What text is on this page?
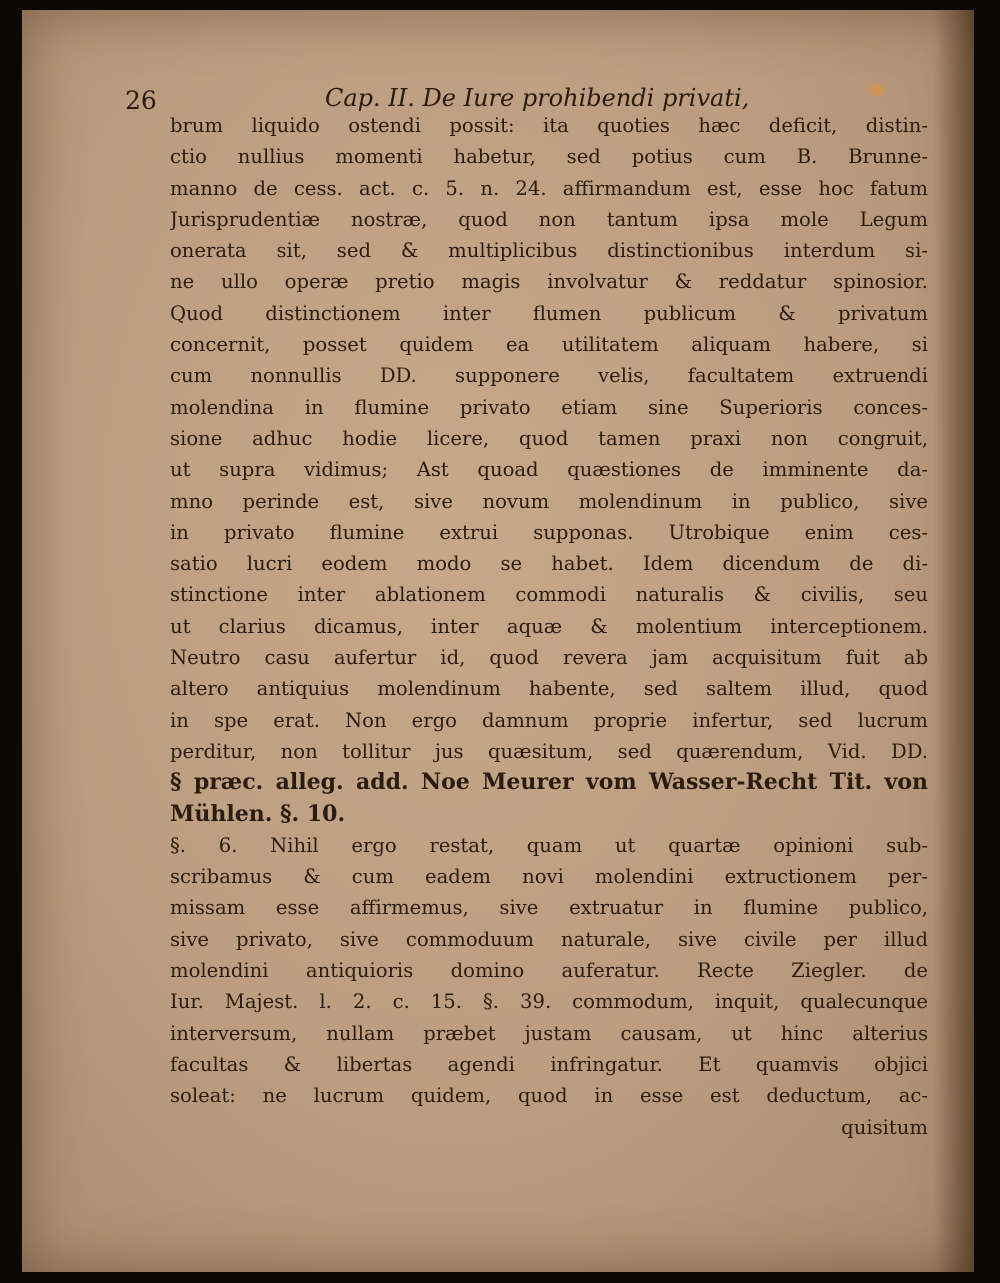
26	Cap. II. De Iure prohibendi privati,
brum liquido ostendi possit: ita quoties hæc deficit, distin-
ctio nullius momenti habetur, sed potius cum B. Brunne-
manno de cess. act. c. 5. n. 24. affirmandum est, esse hoc fatum
Jurisprudentiæ nostræ, quod non tantum ipsa mole Legum
onerata sit, sed & multiplicibus distinctionibus interdum si-
ne ullo operæ pretio magis involvatur & reddatur spinosior.
Quod distinctionem inter flumen publicum & privatum
concernit, posset quidem ea utilitatem aliquam habere, si
cum nonnullis DD. supponere velis, facultatem extruendi
molendina in flumine privato etiam sine Superioris conces-
sione adhuc hodie licere, quod tamen praxi non congruit,
ut supra vidimus; Ast quoad quæstiones de imminente da-
mno perinde est, sive novum molendinum in publico, sive
in privato flumine extrui supponas. Utrobique enim ces-
satio lucri eodem modo se habet. Idem dicendum de di-
stinctione inter ablationem commodi naturalis & civilis, seu
ut clarius dicamus, inter aquæ & molentium interceptionem.
Neutro casu aufertur id, quod revera jam acquisitum fuit ab
altero antiquius molendinum habente, sed saltem illud, quod
in spe erat. Non ergo damnum proprie infertur, sed lucrum
perditur, non tollitur jus quæsitum, sed quærendum, Vid. DD.
§ præc. alleg. add. Noe Meurer vom Wasser-Recht Tit. von
Mühlen. §. 10.
§. 6. Nihil ergo restat, quam ut quartæ opinioni sub-
scribamus & cum eadem novi molendini extructionem per-
missam esse affirmemus, sive extruatur in flumine publico,
sive privato, sive commoduum naturale, sive civile per illud
molendini antiquioris domino auferatur. Recte Ziegler. de
Iur. Majest. l. 2. c. 15. §. 39. commodum, inquit, qualecunque
interversum, nullam præbet justam causam, ut hinc alterius
facultas & libertas agendi infringatur. Et quamvis objici
soleat: ne lucrum quidem, quod in esse est deductum, ac-
quisitum
